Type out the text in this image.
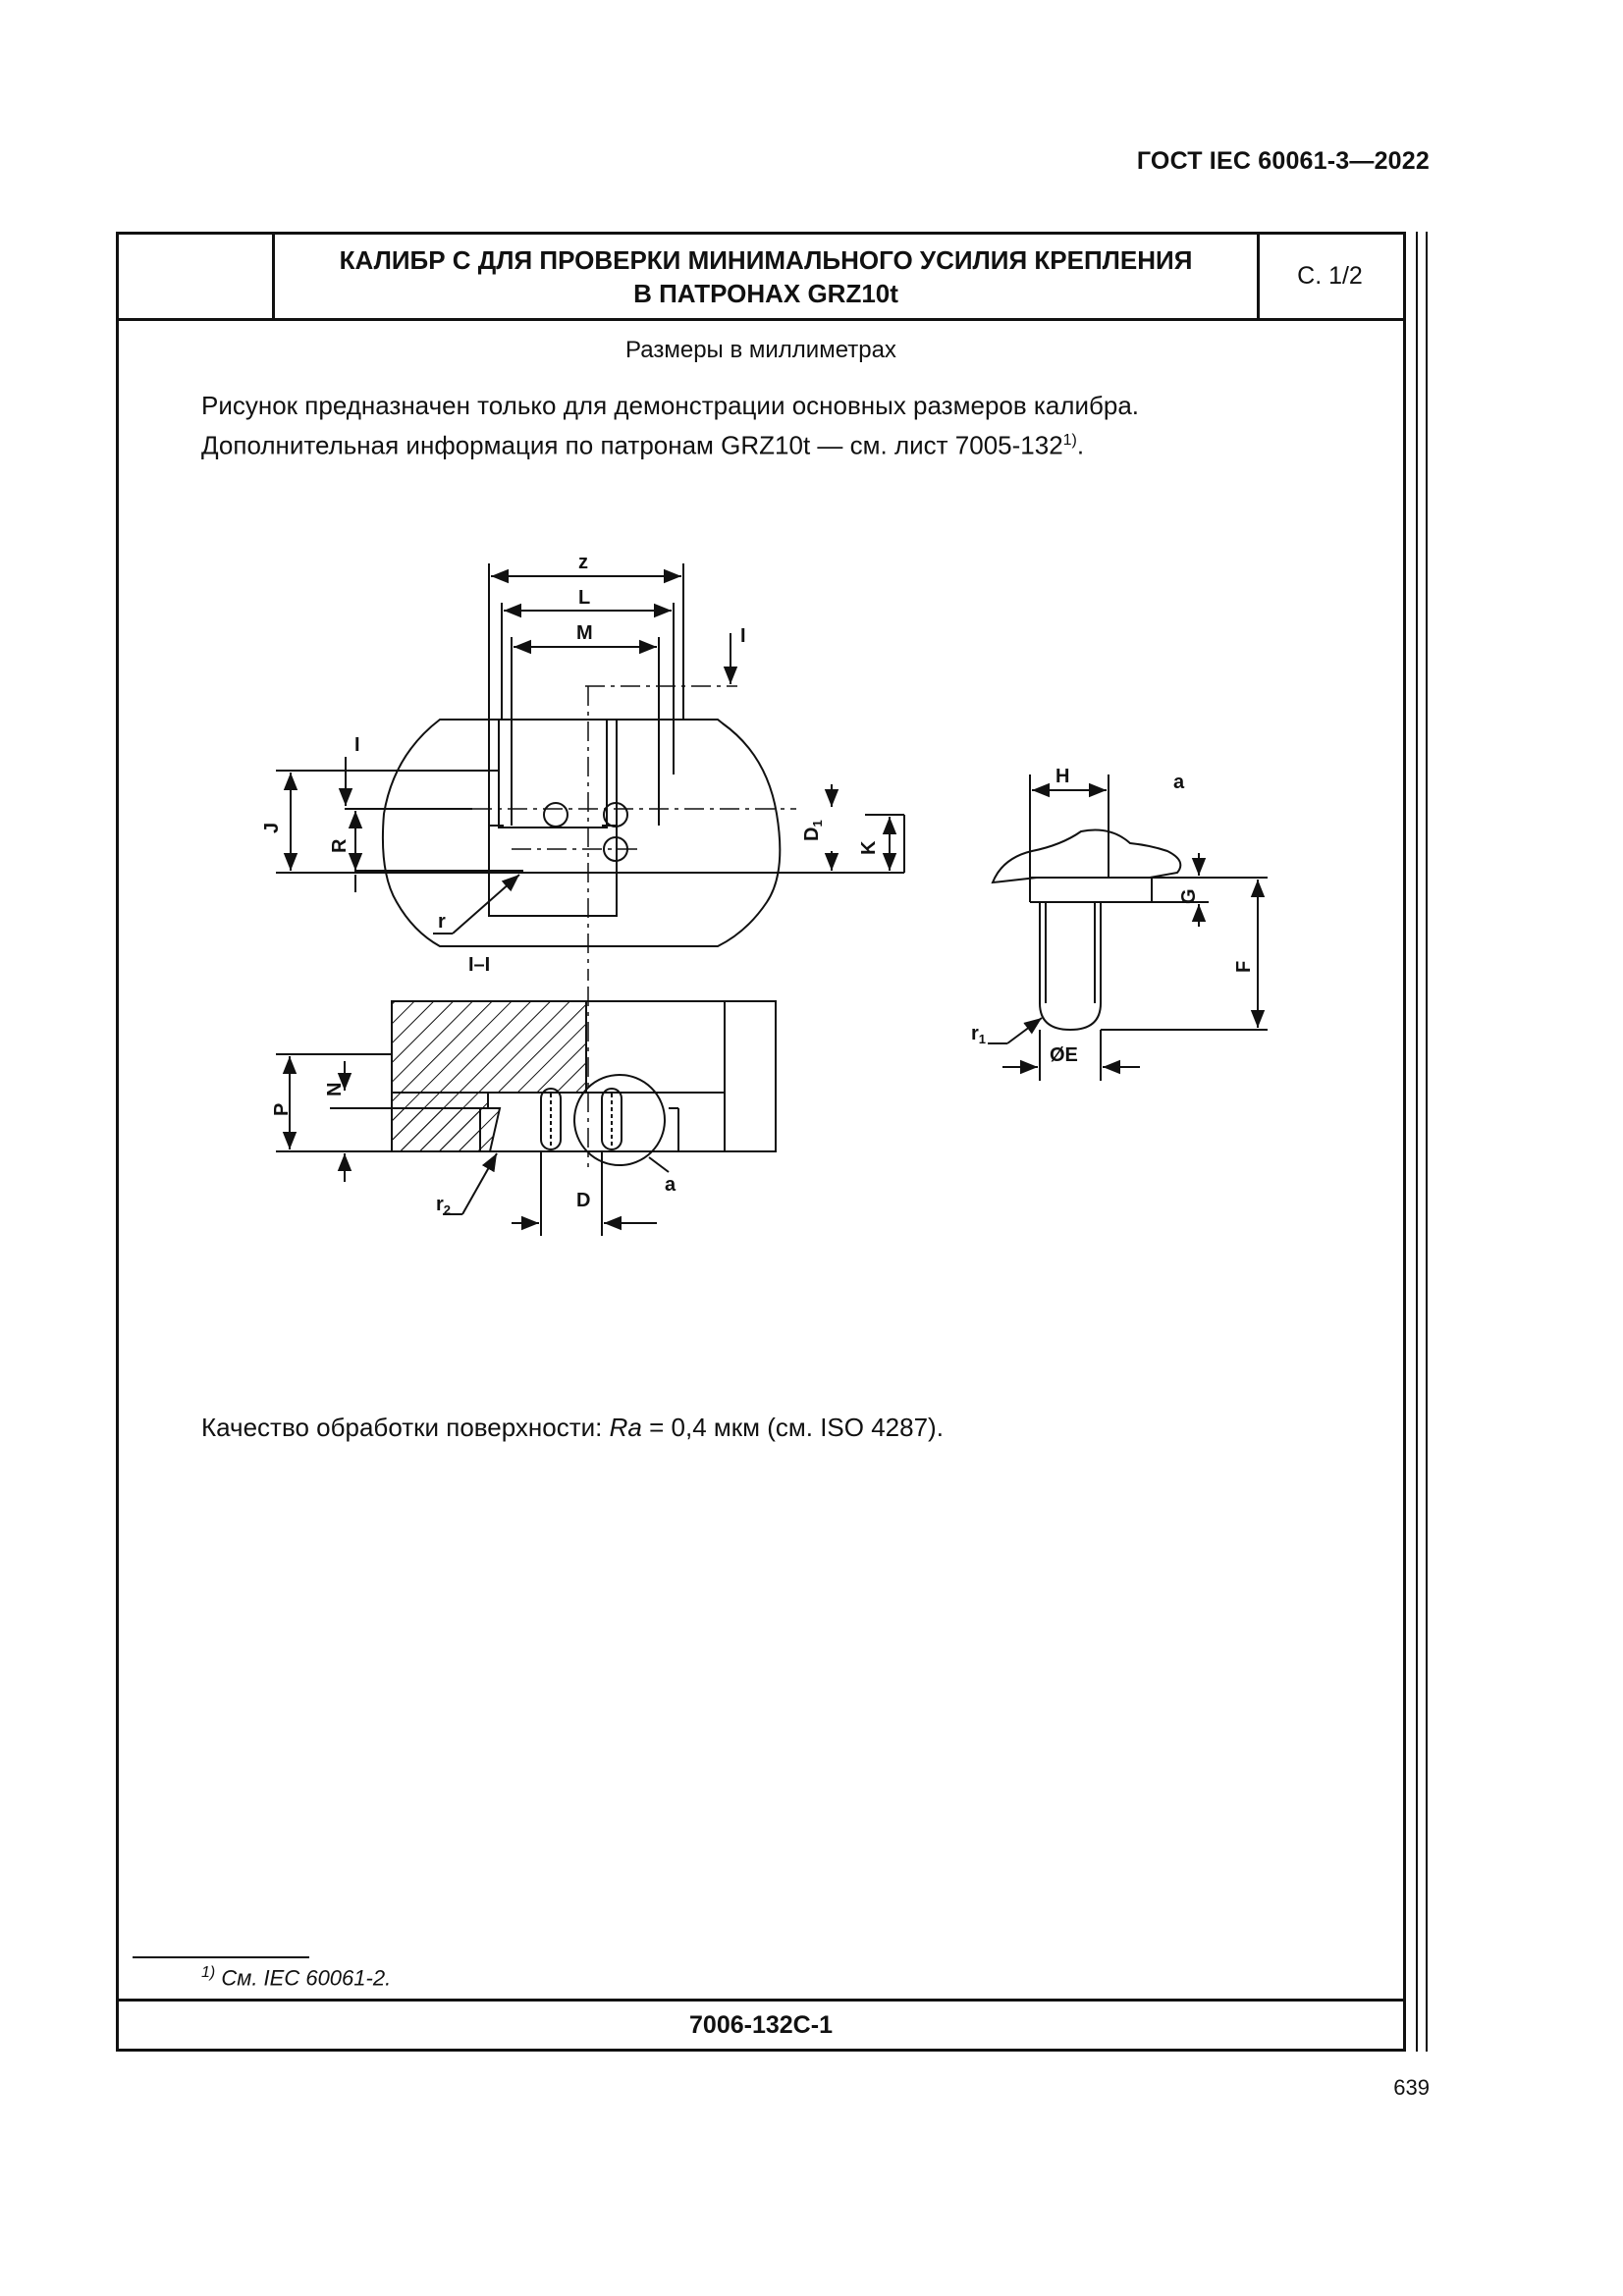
ГОСТ IEC 60061-3—2022
КАЛИБР C ДЛЯ ПРОВЕРКИ МИНИМАЛЬНОГО УСИЛИЯ КРЕПЛЕНИЯ
В ПАТРОНАХ GRZ10t
С. 1/2
Размеры в миллиметрах
Рисунок предназначен только для демонстрации основных размеров калибра.
Дополнительная информация по патронам GRZ10t — см. лист 7005-132$^{1)}$.
z
L
M	I
I
J
R
$D_1$
K
r
I–I
P
N
$r_2$	D
a
H	a
G
F
$r_1$
ØE
Качество обработки поверхности: Ra = 0,4 мкм (см. ISO 4287).
$^{1)}$ См. IEC 60061-2.
7006-132C-1
639
